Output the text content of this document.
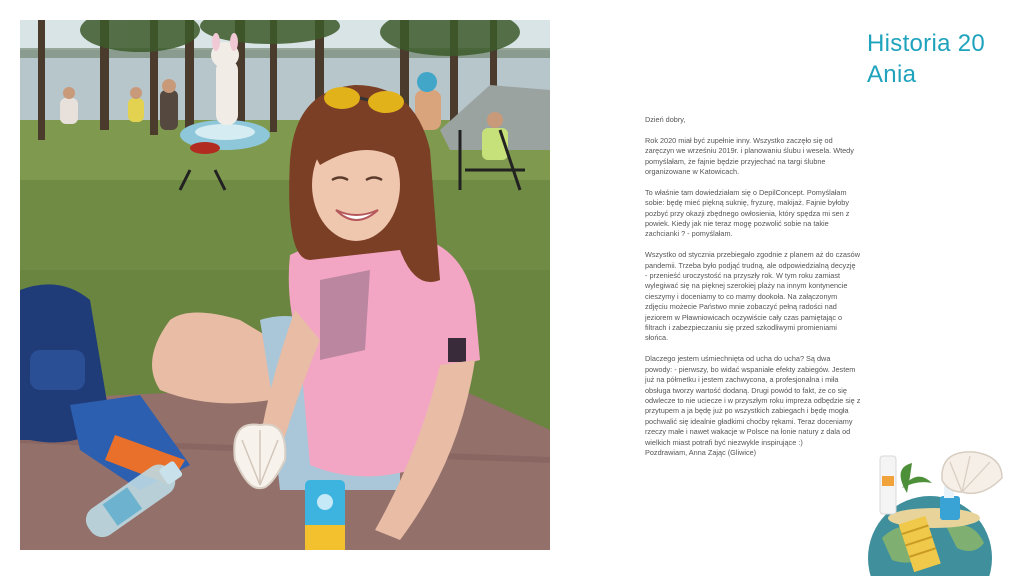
Historia 20
Ania

Dzień dobry,

Rok 2020 miał być zupełnie inny. Wszystko zaczęło się od
zaręczyn we wrześniu 2019r. i planowaniu ślubu i wesela. Wtedy
pomyślałam, że fajnie będzie przyjechać na targi ślubne
organizowane w Katowicach.

To właśnie tam dowiedziałam się o DepilConcept. Pomyślałam
sobie: będę mieć piękną suknię, fryzurę, makijaż. Fajnie byłoby
pozbyć przy okazji zbędnego owłosienia, który spędza mi sen z
powiek. Kiedy jak nie teraz mogę pozwolić sobie na takie
zachcianki ? - pomyślałam.

Wszystko od stycznia przebiegało zgodnie z planem aż do czasów
pandemii. Trzeba było podjąć trudną, ale odpowiedzialną decyzję
- przenieść uroczystość na przyszły rok. W tym roku zamiast
wylegiwać się na pięknej szerokiej plaży na innym kontynencie
cieszymy i doceniamy to co mamy dookoła. Na załączonym
zdjęciu możecie Państwo mnie zobaczyć pełną radości nad
jeziorem w Pławniowicach oczywiście cały czas pamiętając o
filtrach i zabezpieczaniu się przed szkodliwymi promieniami
słońca.

Dlaczego jestem uśmiechnięta od ucha do ucha? Są dwa
powody: - pierwszy, bo widać wspaniałe efekty zabiegów. Jestem
już na półmetku i jestem zachwycona, a profesjonalna i miła
obsługa tworzy wartość dodaną. Drugi powód to fakt, że co się
odwlecze to nie uciecze i w przyszłym roku impreza odbędzie się z
przytupem a ja będę już po wszystkich zabiegach i będę mogła
pochwalić się idealnie gładkimi choćby rękami. Teraz doceniamy
rzeczy małe i nawet wakacje w Polsce na łonie natury z dala od
wielkich miast potrafi być niezwykle inspirujące :)

Pozdrawiam, Anna Zając (Gliwice)
